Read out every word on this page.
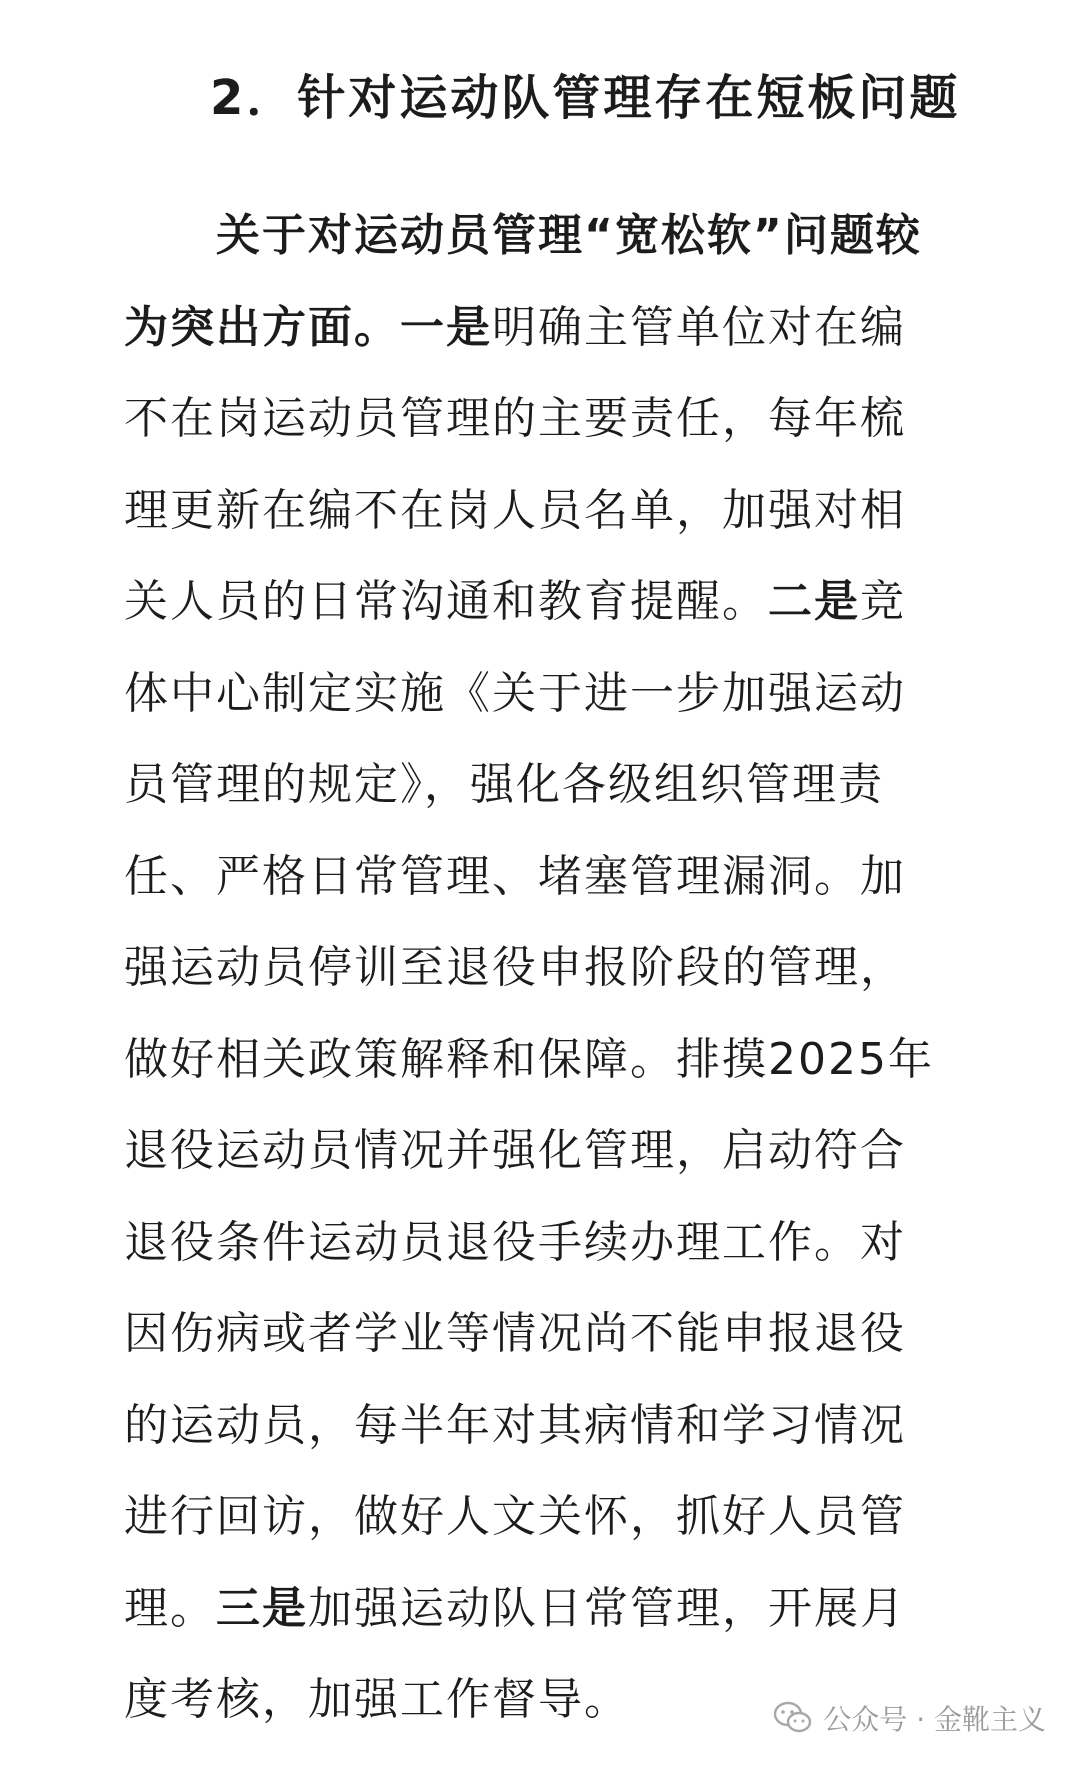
2．针对运动队管理存在短板问题
关于对运动员管理“宽松软”问题较
为突出方面。一是明确主管单位对在编
不在岗运动员管理的主要责任，每年梳
理更新在编不在岗人员名单，加强对相
关人员的日常沟通和教育提醒。二是竞
体中心制定实施《关于进一步加强运动
员管理的规定》，强化各级组织管理责
任、严格日常管理、堵塞管理漏洞。加
强运动员停训至退役申报阶段的管理，
做好相关政策解释和保障。排摸2025年
退役运动员情况并强化管理，启动符合
退役条件运动员退役手续办理工作。对
因伤病或者学业等情况尚不能申报退役
的运动员，每半年对其病情和学习情况
进行回访，做好人文关怀，抓好人员管
理。三是加强运动队日常管理，开展月
度考核，加强工作督导。	公众号 · 金靴主义
